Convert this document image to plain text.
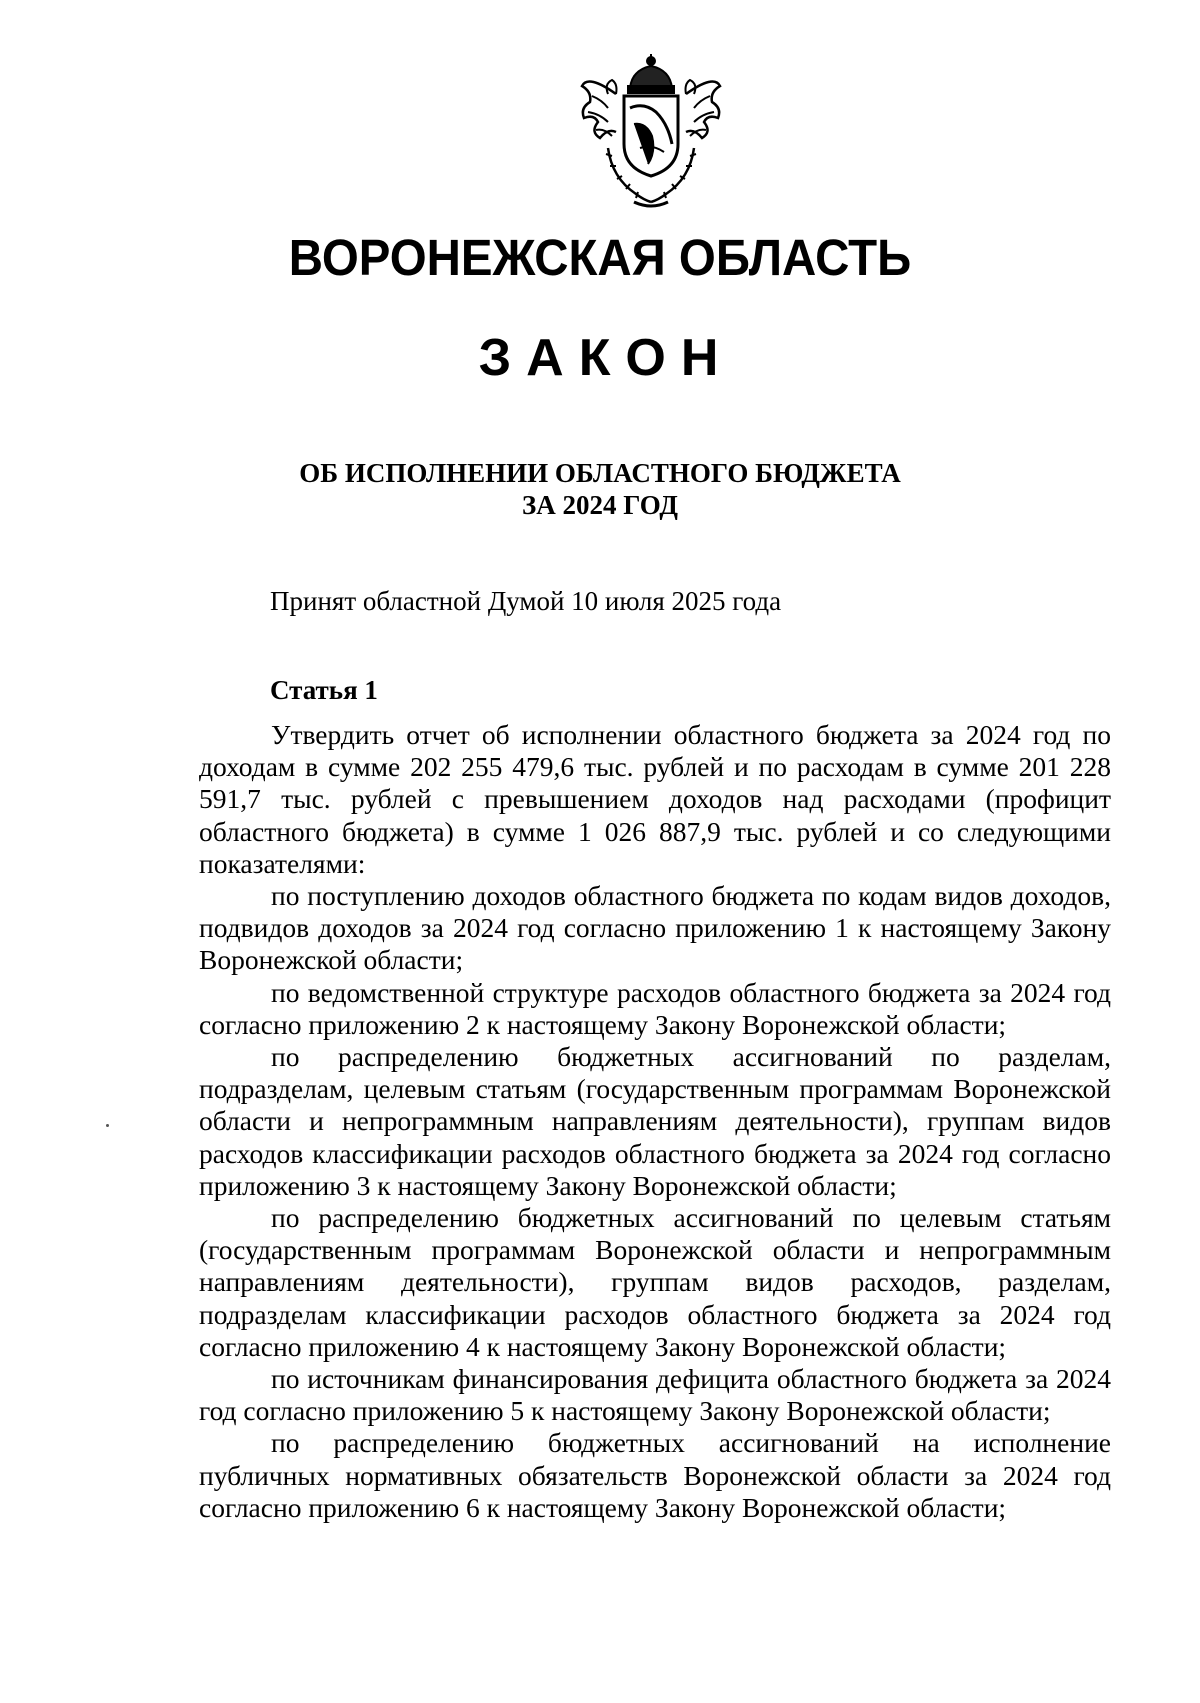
ВОРОНЕЖСКАЯ ОБЛАСТЬ
ЗАКОН
ОБ ИСПОЛНЕНИИ ОБЛАСТНОГО БЮДЖЕТА
ЗА 2024 ГОД
Принят областной Думой 10 июля 2025 года
Статья 1

Утвердить отчет об исполнении областного бюджета за 2024 год по доходам в сумме 202 255 479,6 тыс. рублей и по расходам в сумме 201 228 591,7 тыс. рублей с превышением доходов над расходами (профицит областного бюджета) в сумме 1 026 887,9 тыс. рублей и со следующими показателями:

по поступлению доходов областного бюджета по кодам видов доходов, подвидов доходов за 2024 год согласно приложению 1 к настоящему Закону Воронежской области;

по ведомственной структуре расходов областного бюджета за 2024 год согласно приложению 2 к настоящему Закону Воронежской области;

по распределению бюджетных ассигнований по разделам, подразделам, целевым статьям (государственным программам Воронежской области и непрограммным направлениям деятельности), группам видов расходов классификации расходов областного бюджета за 2024 год согласно приложению 3 к настоящему Закону Воронежской области;

по распределению бюджетных ассигнований по целевым статьям (государственным программам Воронежской области и непрограммным направлениям деятельности), группам видов расходов, разделам, подразделам классификации расходов областного бюджета за 2024 год согласно приложению 4 к настоящему Закону Воронежской области;

по источникам финансирования дефицита областного бюджета за 2024 год согласно приложению 5 к настоящему Закону Воронежской области;

по распределению бюджетных ассигнований на исполнение публичных нормативных обязательств Воронежской области за 2024 год согласно приложению 6 к настоящему Закону Воронежской области;
